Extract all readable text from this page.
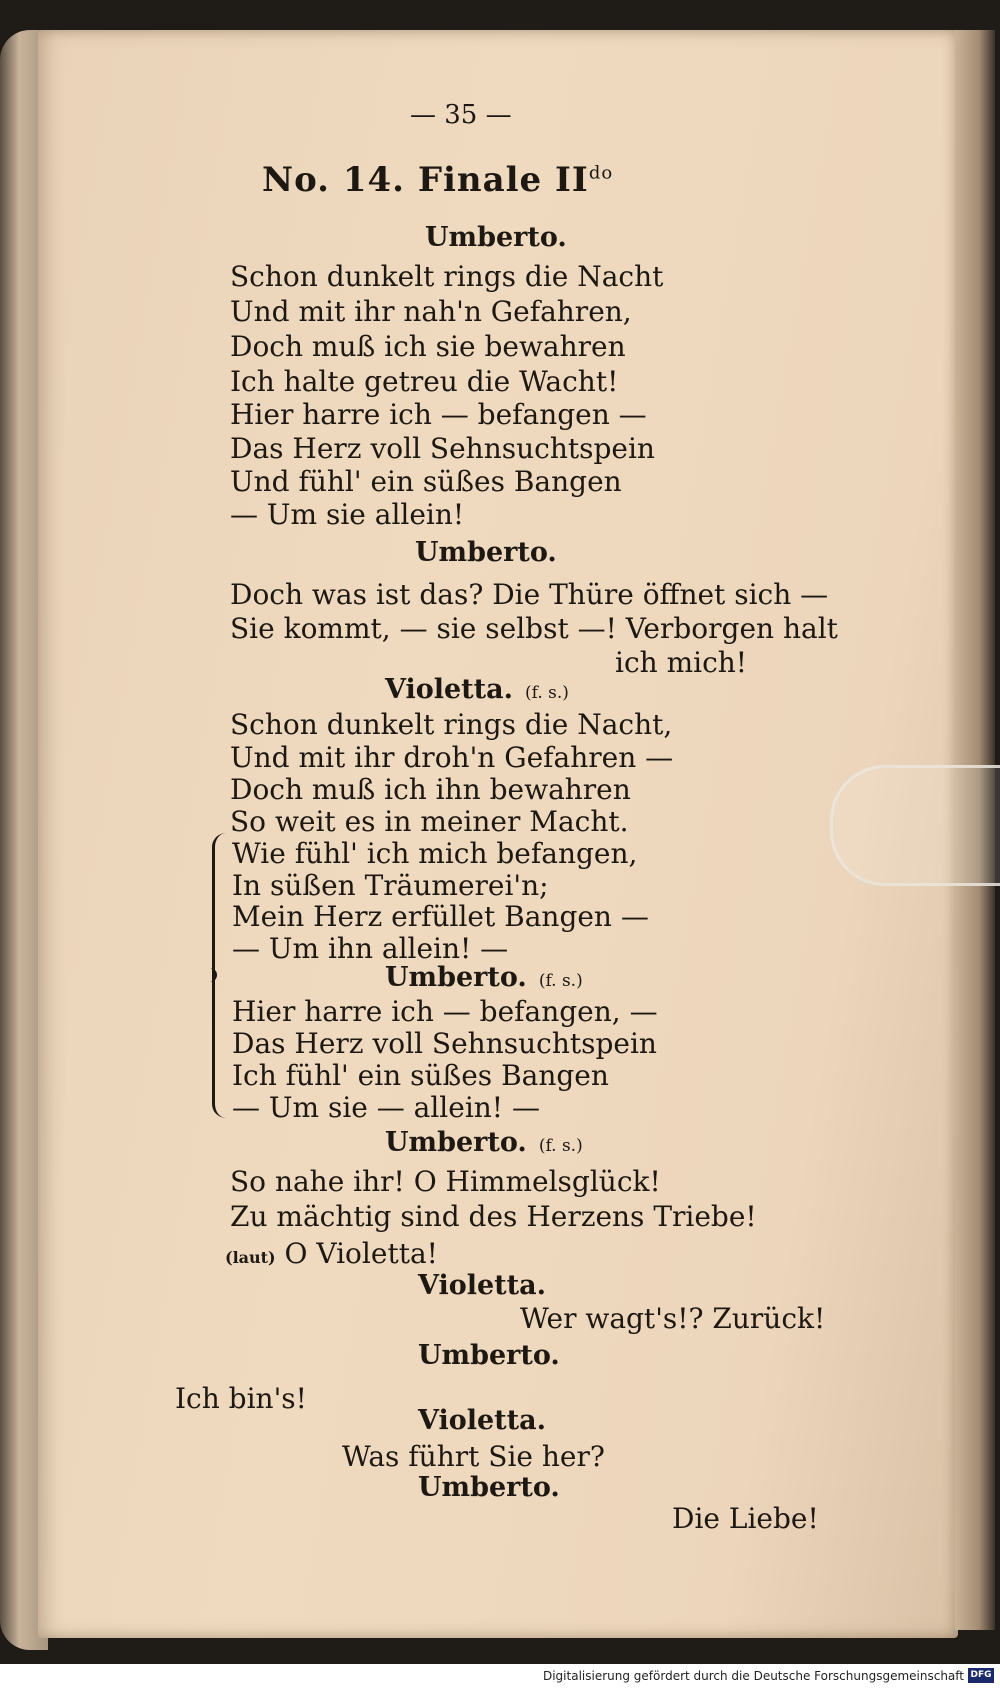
— 35 —
No. 14. Finale $II^{do}$
Umberto.
Schon dunkelt rings die Nacht
Und mit ihr nah'n Gefahren,
Doch muß ich sie bewahren
Ich halte getreu die Wacht!
Hier harre ich — befangen —
Das Herz voll Sehnsuchtspein
Und fühl' ein süßes Bangen
— Um sie allein!
Umberto.
Doch was ist das? Die Thüre öffnet sich —
Sie kommt, — sie selbst —! Verborgen halt
ich mich!
Violetta. (f. s.)
Schon dunkelt rings die Nacht,
Und mit ihr droh'n Gefahren —
Doch muß ich ihn bewahren
So weit es in meiner Macht.
Wie fühl' ich mich befangen,
In süßen Träumerei'n;
Mein Herz erfüllet Bangen —
— Um ihn allein! —
Umberto. (f. s.)
Hier harre ich — befangen, —
Das Herz voll Sehnsuchtspein
Ich fühl' ein süßes Bangen
— Um sie — allein! —
Umberto. (f. s.)
So nahe ihr! O Himmelsglück!
Zu mächtig sind des Herzens Triebe!
(laut) O Violetta!
Violetta.
Wer wagt's!? Zurück!
Umberto.
Ich bin's!
Violetta.
Was führt Sie her?
Umberto.
Die Liebe!
Digitalisierung gefördert durch die Deutsche Forschungsgemeinschaft DFG
